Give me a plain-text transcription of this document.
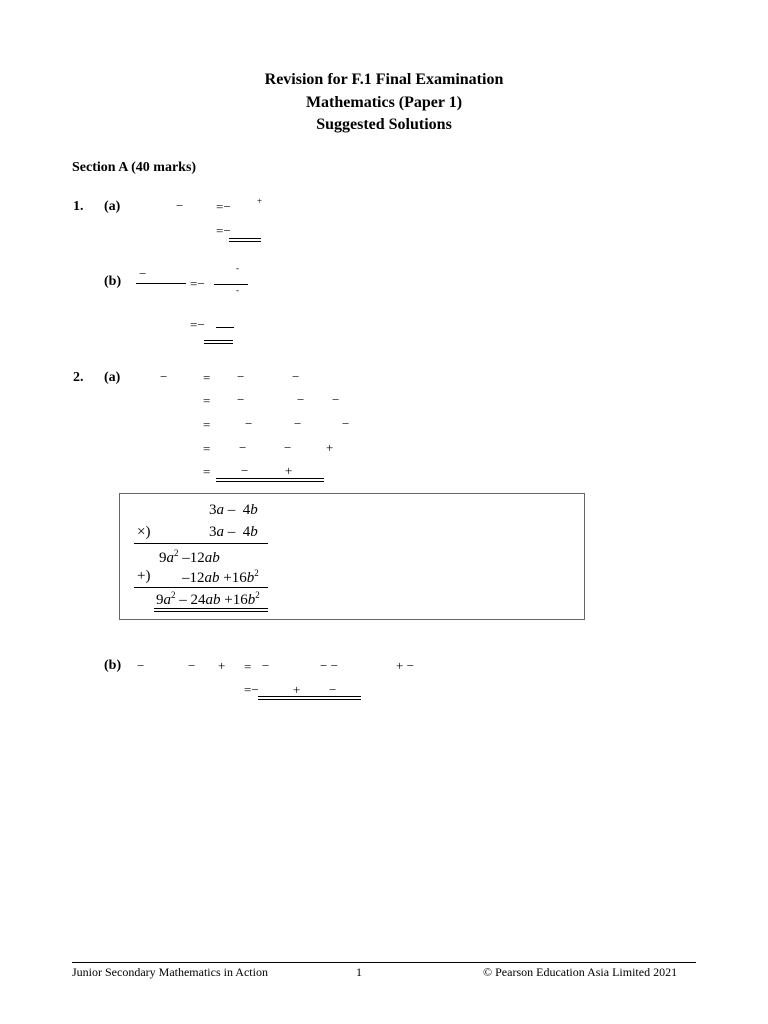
Revision for F.1 Final Examination
Mathematics (Paper 1)
Suggested Solutions
Section A (40 marks)
1. (a)	−	=−	+
=−
(b)
−
=−
-
-
=−
2. (a)	−	= −	−
= −	− −
=	−	−	−
= −	−	+
= −	+
3a –  4b
×)	3a –  4b
$9a^2$ –12ab
+) $-12ab +16b^2$
$9a^2 - 24ab +16b^2$
(b) −	− + = −	− −	+ −
=−	+ −
Junior Secondary Mathematics in Action	1	© Pearson Education Asia Limited 2021
